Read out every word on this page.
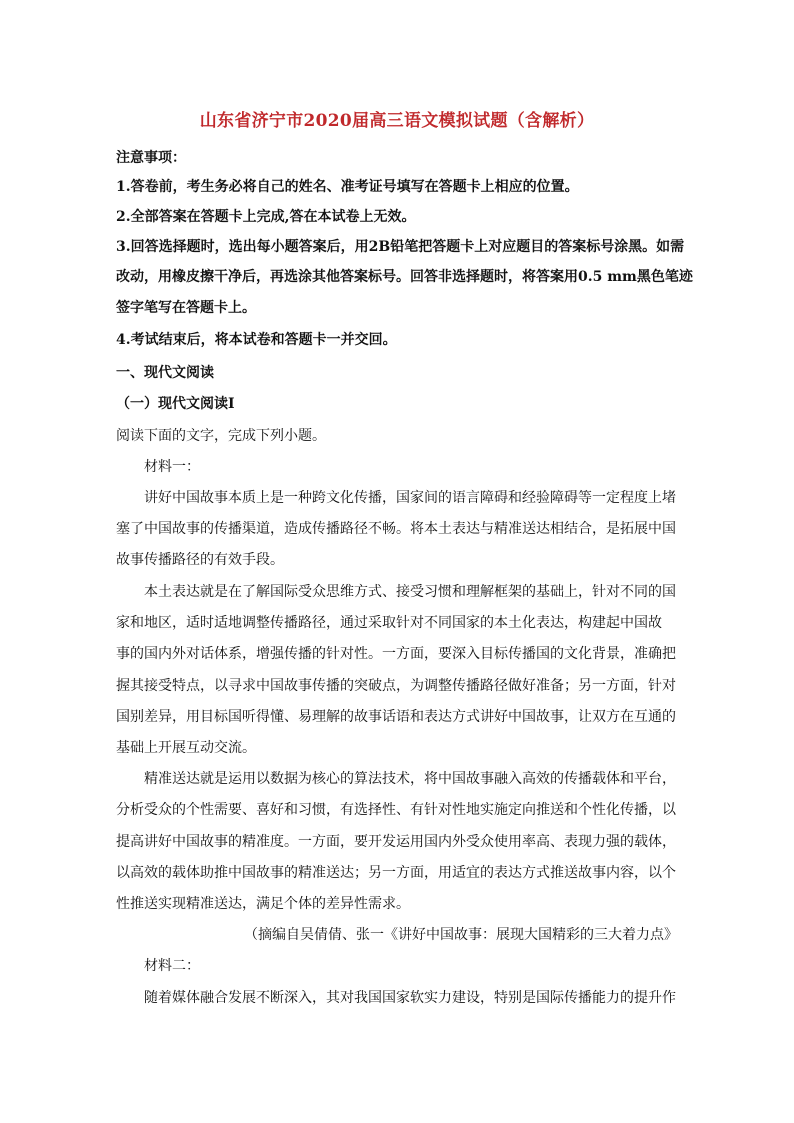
山东省济宁市2020届高三语文模拟试题（含解析）
注意事项：
1.答卷前，考生务必将自己的姓名、准考证号填写在答题卡上相应的位置。
2.全部答案在答题卡上完成,答在本试卷上无效。
3.回答选择题时，选出每小题答案后，用2B铅笔把答题卡上对应题目的答案标号涂黑。如需
改动，用橡皮擦干净后，再选涂其他答案标号。回答非选择题时，将答案用0.5 mm黑色笔迹
签字笔写在答题卡上。
4.考试结束后，将本试卷和答题卡一并交回。
一、现代文阅读
（一）现代文阅读Ⅰ
阅读下面的文字，完成下列小题。
材料一：
讲好中国故事本质上是一种跨文化传播，国家间的语言障碍和经验障碍等一定程度上堵
塞了中国故事的传播渠道，造成传播路径不畅。将本土表达与精准送达相结合，是拓展中国
故事传播路径的有效手段。
本土表达就是在了解国际受众思维方式、接受习惯和理解框架的基础上，针对不同的国
家和地区，适时适地调整传播路径，通过采取针对不同国家的本土化表达，构建起中国故
事的国内外对话体系，增强传播的针对性。一方面，要深入目标传播国的文化背景，准确把
握其接受特点，以寻求中国故事传播的突破点，为调整传播路径做好准备；另一方面，针对
国别差异，用目标国听得懂、易理解的故事话语和表达方式讲好中国故事，让双方在互通的
基础上开展互动交流。
精准送达就是运用以数据为核心的算法技术，将中国故事融入高效的传播载体和平台，
分析受众的个性需要、喜好和习惯，有选择性、有针对性地实施定向推送和个性化传播，以
提高讲好中国故事的精准度。一方面，要开发运用国内外受众使用率高、表现力强的载体，
以高效的载体助推中国故事的精准送达；另一方面，用适宜的表达方式推送故事内容，以个
性推送实现精准送达，满足个体的差异性需求。
（摘编自吴倩倩、张一《讲好中国故事：展现大国精彩的三大着力点》
材料二：
随着媒体融合发展不断深入，其对我国国家软实力建设，特别是国际传播能力的提升作
